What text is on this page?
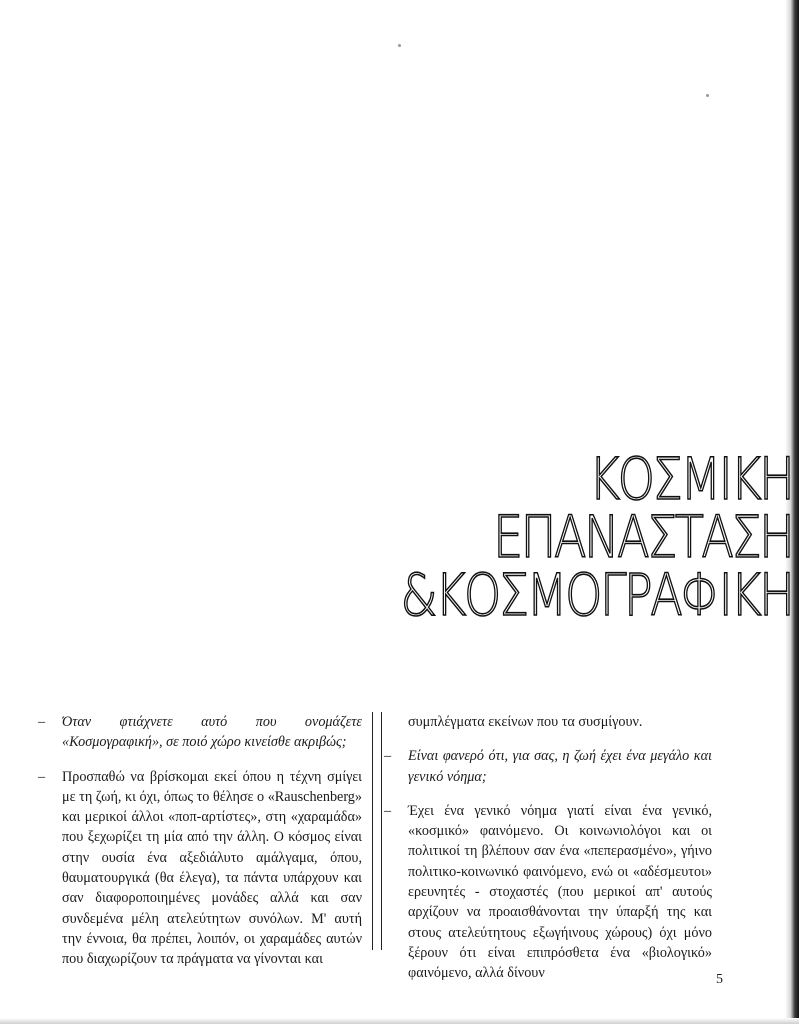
ΚΟΣΜΙΚΗ
ΕΠΑΝΑΣΤΑΣΗ
&ΚΟΣΜΟΓΡΑΦΙΚΗ

– Όταν φτιάχνετε αυτό που ονομάζετε «Κοσμογραφική», σε ποιό χώρο κινείσθε ακριβώς;

– Προσπαθώ να βρίσκομαι εκεί όπου η τέχνη σμίγει με τη ζωή, κι όχι, όπως το θέλησε ο «Rauschenberg» και μερικοί άλλοι «ποπ-αρτίστες», στη «χαραμάδα» που ξεχωρίζει τη μία από την άλλη. Ο κόσμος είναι στην ουσία ένα αξεδιάλυτο αμάλγαμα, όπου, θαυματουργικά (θα έλεγα), τα πάντα υπάρχουν και σαν διαφοροποιημένες μονάδες αλλά και σαν συνδεμένα μέλη ατελεύτητων συνόλων. Μ' αυτή την έννοια, θα πρέπει, λοιπόν, οι χαραμάδες αυτών που διαχωρίζουν τα πράγματα να γίνονται και

συμπλέγματα εκείνων που τα συσμίγουν.

– Είναι φανερό ότι, για σας, η ζωή έχει ένα μεγάλο και γενικό νόημα;

– Έχει ένα γενικό νόημα γιατί είναι ένα γενικό, «κοσμικό» φαινόμενο. Οι κοινωνιολόγοι και οι πολιτικοί τη βλέπουν σαν ένα «πεπερασμένο», γήινο πολιτικο-κοινωνικό φαινόμενο, ενώ οι «αδέσμευτοι» ερευνητές - στοχαστές (που μερικοί απ' αυτούς αρχίζουν να προαισθάνονται την ύπαρξή της και στους ατελεύτητους εξωγήινους χώρους) όχι μόνο ξέρουν ότι είναι επιπρόσθετα ένα «βιολογικό» φαινόμενο, αλλά δίνουν	5
